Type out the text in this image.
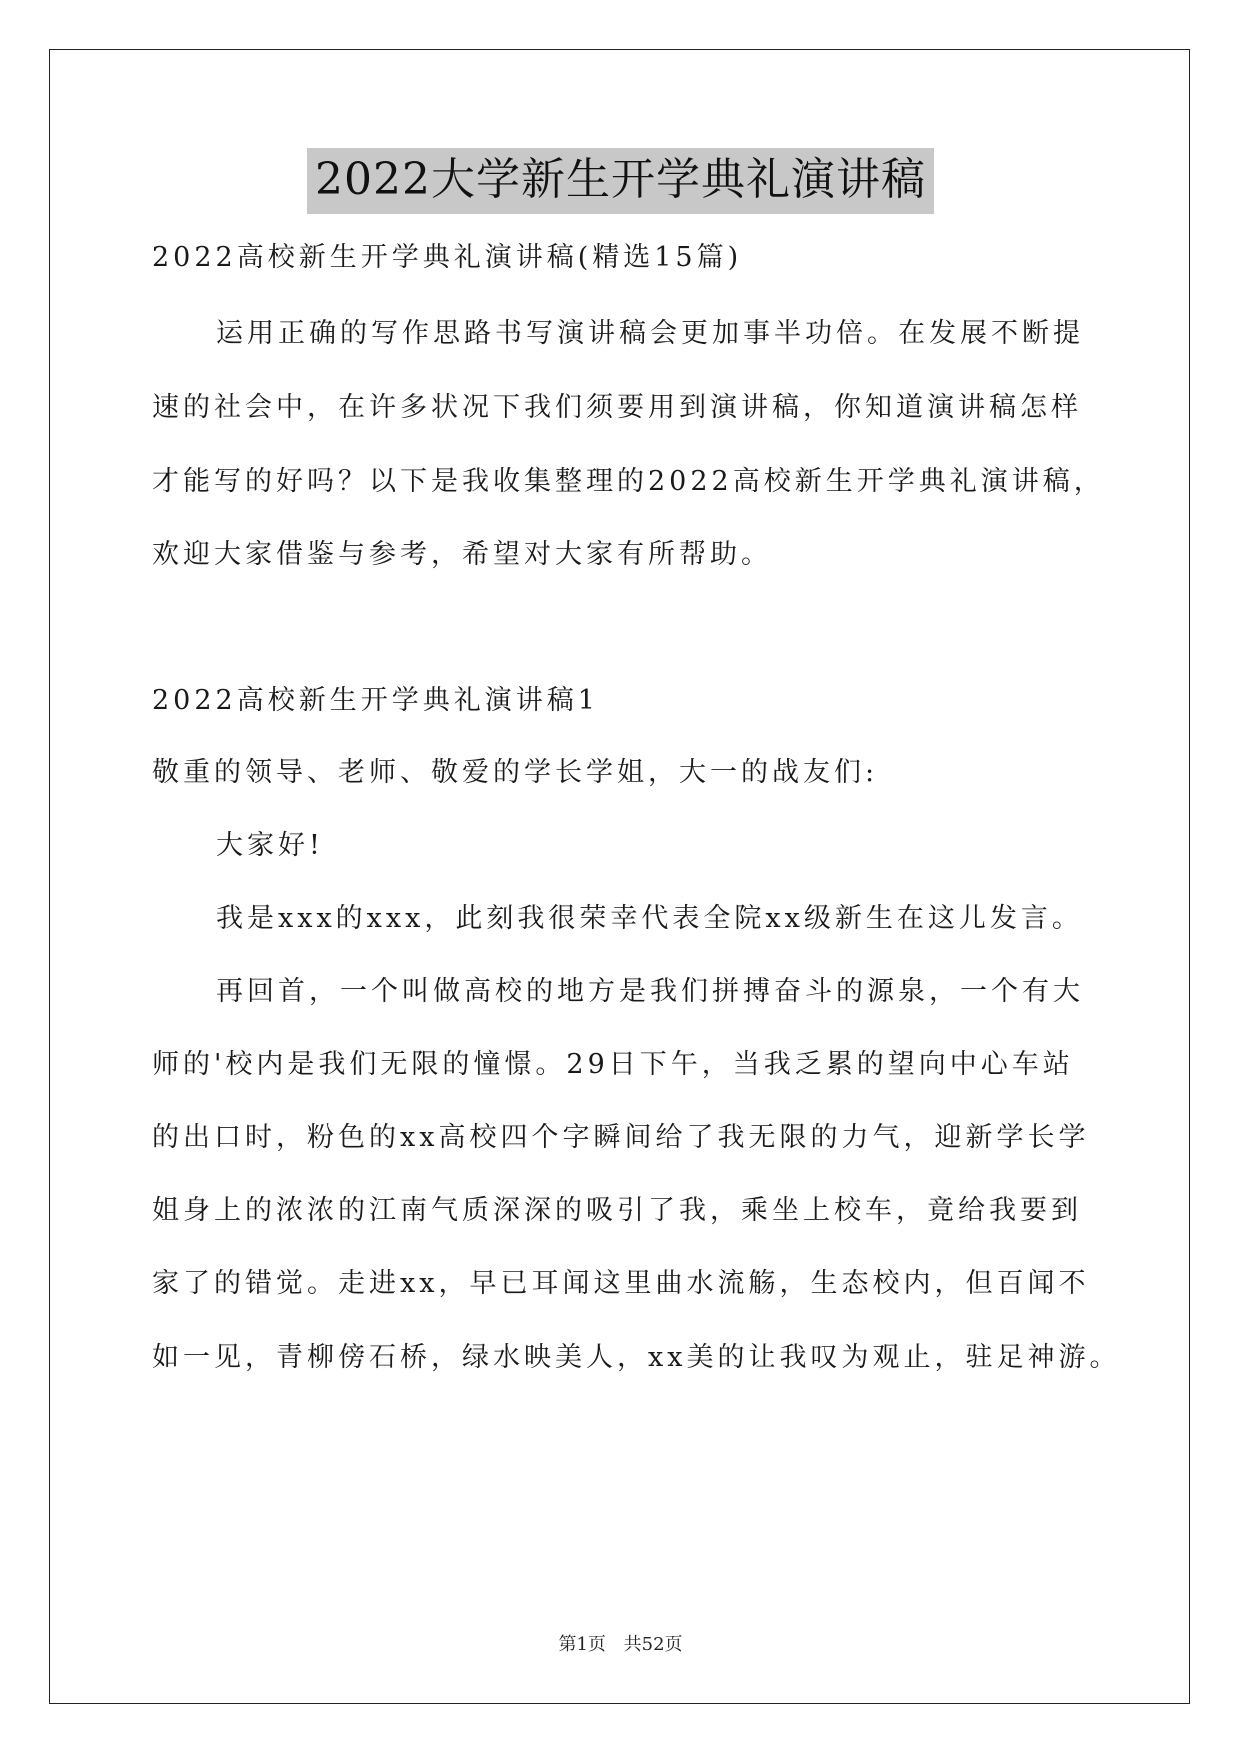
2022大学新生开学典礼演讲稿
2022高校新生开学典礼演讲稿(精选15篇)
运用正确的写作思路书写演讲稿会更加事半功倍。在发展不断提
速的社会中，在许多状况下我们须要用到演讲稿，你知道演讲稿怎样
才能写的好吗？以下是我收集整理的2022高校新生开学典礼演讲稿，
欢迎大家借鉴与参考，希望对大家有所帮助。
2022高校新生开学典礼演讲稿1
敬重的领导、老师、敬爱的学长学姐，大一的战友们:
大家好!
我是xxx的xxx，此刻我很荣幸代表全院xx级新生在这儿发言。
再回首，一个叫做高校的地方是我们拼搏奋斗的源泉，一个有大
师的'校内是我们无限的憧憬。29日下午，当我乏累的望向中心车站
的出口时，粉色的xx高校四个字瞬间给了我无限的力气，迎新学长学
姐身上的浓浓的江南气质深深的吸引了我，乘坐上校车，竟给我要到
家了的错觉。走进xx，早已耳闻这里曲水流觞，生态校内，但百闻不
如一见，青柳傍石桥，绿水映美人，xx美的让我叹为观止，驻足神游。
第1页 共52页
